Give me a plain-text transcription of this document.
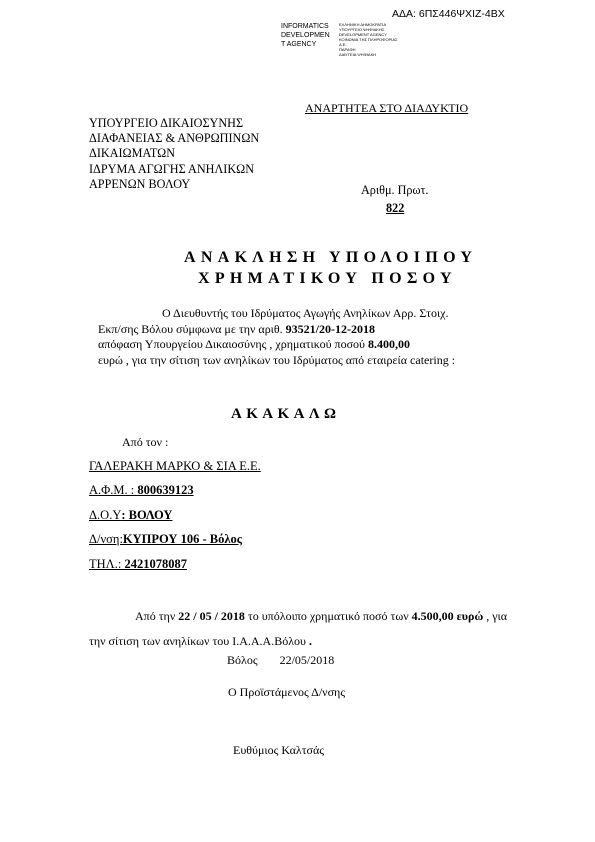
ΑΔΑ: 6ΠΣ446ΨΧΙΖ-4ΒΧ
INFORMATICS
DEVELOPMEN
T AGENCY
ΕΛΛΗΝΙΚΗ ΔΗΜΟΚΡΑΤΙΑ
ΥΠΟΥΡΓΕΙΟ ΨΗΦΙΑΚΗΣ
DEVELOPMENT AGENCY
ΚΟΙΝΩΝΙΑ ΤΗΣ ΠΛΗΡΟΦΟΡΙΑΣ
Α.Ε.
ΠΑΡΑΦΗ
ΔΙΑΥΓΕΙΑ ΨΗΦΙΑΚΗ
ΑΝΑΡΤΗΤΕΑ ΣΤΟ ΔΙΑΔΥΚΤΙΟ
ΥΠΟΥΡΓΕΙΟ ΔΙΚΑΙΟΣΥΝΗΣ
ΔΙΑΦΑΝΕΙΑΣ & ΑΝΘΡΩΠΙΝΩΝ
ΔΙΚΑΙΩΜΑΤΩΝ
ΙΔΡΥΜΑ ΑΓΩΓΗΣ ΑΝΗΛΙΚΩΝ
ΑΡΡΕΝΩΝ ΒΟΛΟΥ	Αριθμ. Πρωτ.
822
ΑΝΑΚΛΗΣΗ ΥΠΟΛΟΙΠΟΥ
ΧΡΗΜΑΤΙΚΟΥ ΠΟΣΟΥ
Ο Διευθυντής του Ιδρύματος Αγωγής Ανηλίκων Αρρ. Στοιχ.
Εκπ/σης Βόλου σύμφωνα με την αριθ. 93521/20-12-2018
απόφαση Υπουργείου Δικαιοσύνης , χρηματικού ποσού 8.400,00
ευρώ , για την σίτιση των ανηλίκων του Ιδρύματος από εταιρεία catering :
ΑΚΑΚΑΛΩ
Από τον :
ΓΑΛΕΡΑΚΗ ΜΑΡΚΟ & ΣΙΑ Ε.Ε.
Α.Φ.Μ. : 800639123
Δ.Ο.Υ: ΒΟΛΟΥ
Δ/νση:ΚΥΠΡΟΥ 106 - Βόλος
ΤΗΛ.: 2421078087
Από την 22 / 05 / 2018 το υπόλοιπο χρηματικό ποσό των 4.500,00 ευρώ , για την σίτιση των ανηλίκων του Ι.Α.Α.Α.Βόλου .
Βόλος 22/05/2018
Ο Προϊστάμενος Δ/νσης
Ευθύμιος Καλτσάς
